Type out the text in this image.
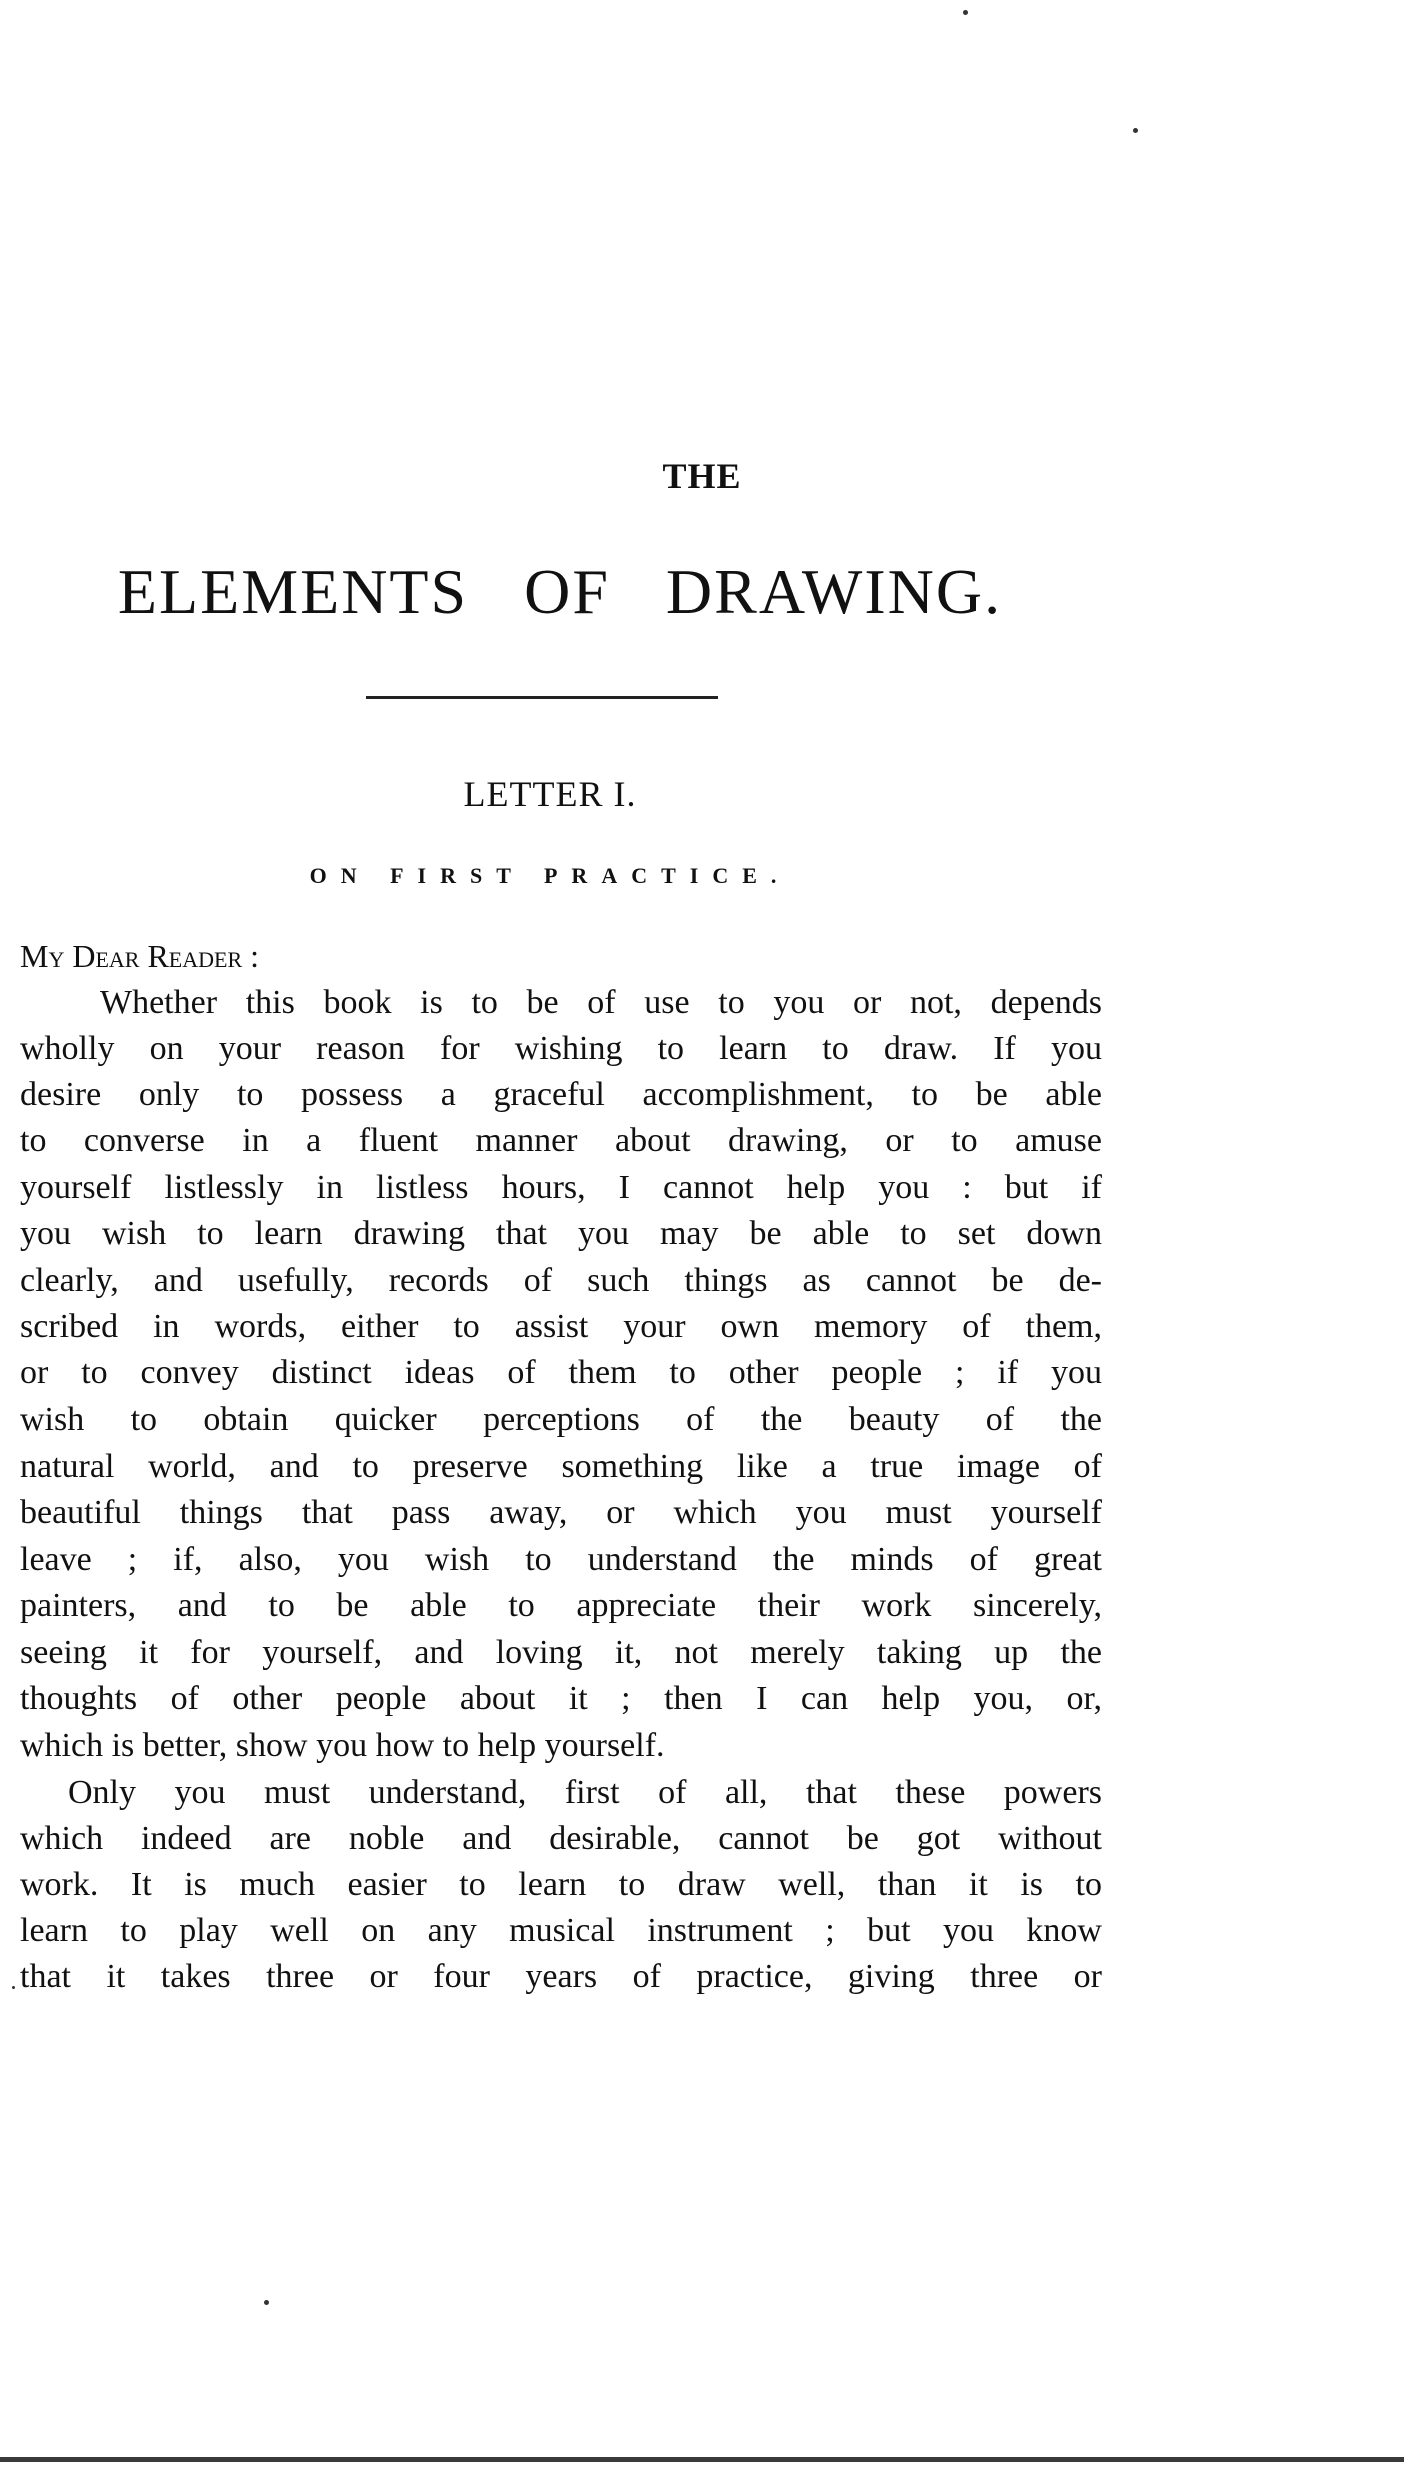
THE
ELEMENTS OF DRAWING.
LETTER I.
ON FIRST PRACTICE.
My Dear Reader :
Whether this book is to be of use to you or not, depends
wholly on your reason for wishing to learn to draw. If you
desire only to possess a graceful accomplishment, to be able
to converse in a fluent manner about drawing, or to amuse
yourself listlessly in listless hours, I cannot help you : but if
you wish to learn drawing that you may be able to set down
clearly, and usefully, records of such things as cannot be de-
scribed in words, either to assist your own memory of them,
or to convey distinct ideas of them to other people ; if you
wish to obtain quicker perceptions of the beauty of the
natural world, and to preserve something like a true image of
beautiful things that pass away, or which you must yourself
leave ; if, also, you wish to understand the minds of great
painters, and to be able to appreciate their work sincerely,
seeing it for yourself, and loving it, not merely taking up the
thoughts of other people about it ; then I can help you, or,
which is better, show you how to help yourself.
Only you must understand, first of all, that these powers
which indeed are noble and desirable, cannot be got without
work. It is much easier to learn to draw well, than it is to
learn to play well on any musical instrument ; but you know
that it takes three or four years of practice, giving three or
